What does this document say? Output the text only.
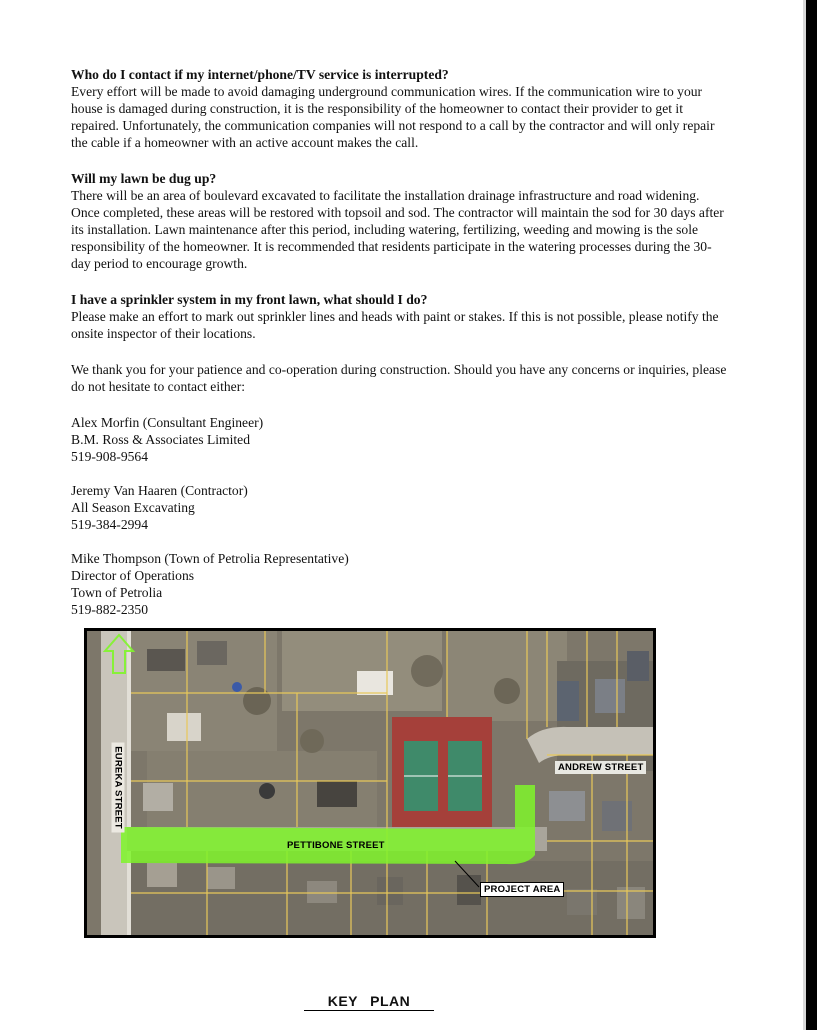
Who do I contact if my internet/phone/TV service is interrupted?

Every effort will be made to avoid damaging underground communication wires. If the communication wire to your house is damaged during construction, it is the responsibility of the homeowner to contact their provider to get it repaired. Unfortunately, the communication companies will not respond to a call by the contractor and will only repair the cable if a homeowner with an active account makes the call.

Will my lawn be dug up?

There will be an area of boulevard excavated to facilitate the installation drainage infrastructure and road widening. Once completed, these areas will be restored with topsoil and sod. The contractor will maintain the sod for 30 days after its installation. Lawn maintenance after this period, including watering, fertilizing, weeding and mowing is the sole responsibility of the homeowner. It is recommended that residents participate in the watering processes during the 30-day period to encourage growth.

I have a sprinkler system in my front lawn, what should I do?

Please make an effort to mark out sprinkler lines and heads with paint or stakes. If this is not possible, please notify the onsite inspector of their locations.

We thank you for your patience and co-operation during construction. Should you have any concerns or inquiries, please do not hesitate to contact either:

Alex Morfin (Consultant Engineer)
B.M. Ross & Associates Limited
519-908-9564
Jeremy Van Haaren (Contractor)
All Season Excavating
519-384-2994
Mike Thompson (Town of Petrolia Representative)
Director of Operations
Town of Petrolia
519-882-2350
ANDREW STREET
PETTIBONE STREET
PROJECT AREA
EUREKA STREET
KEY PLAN
